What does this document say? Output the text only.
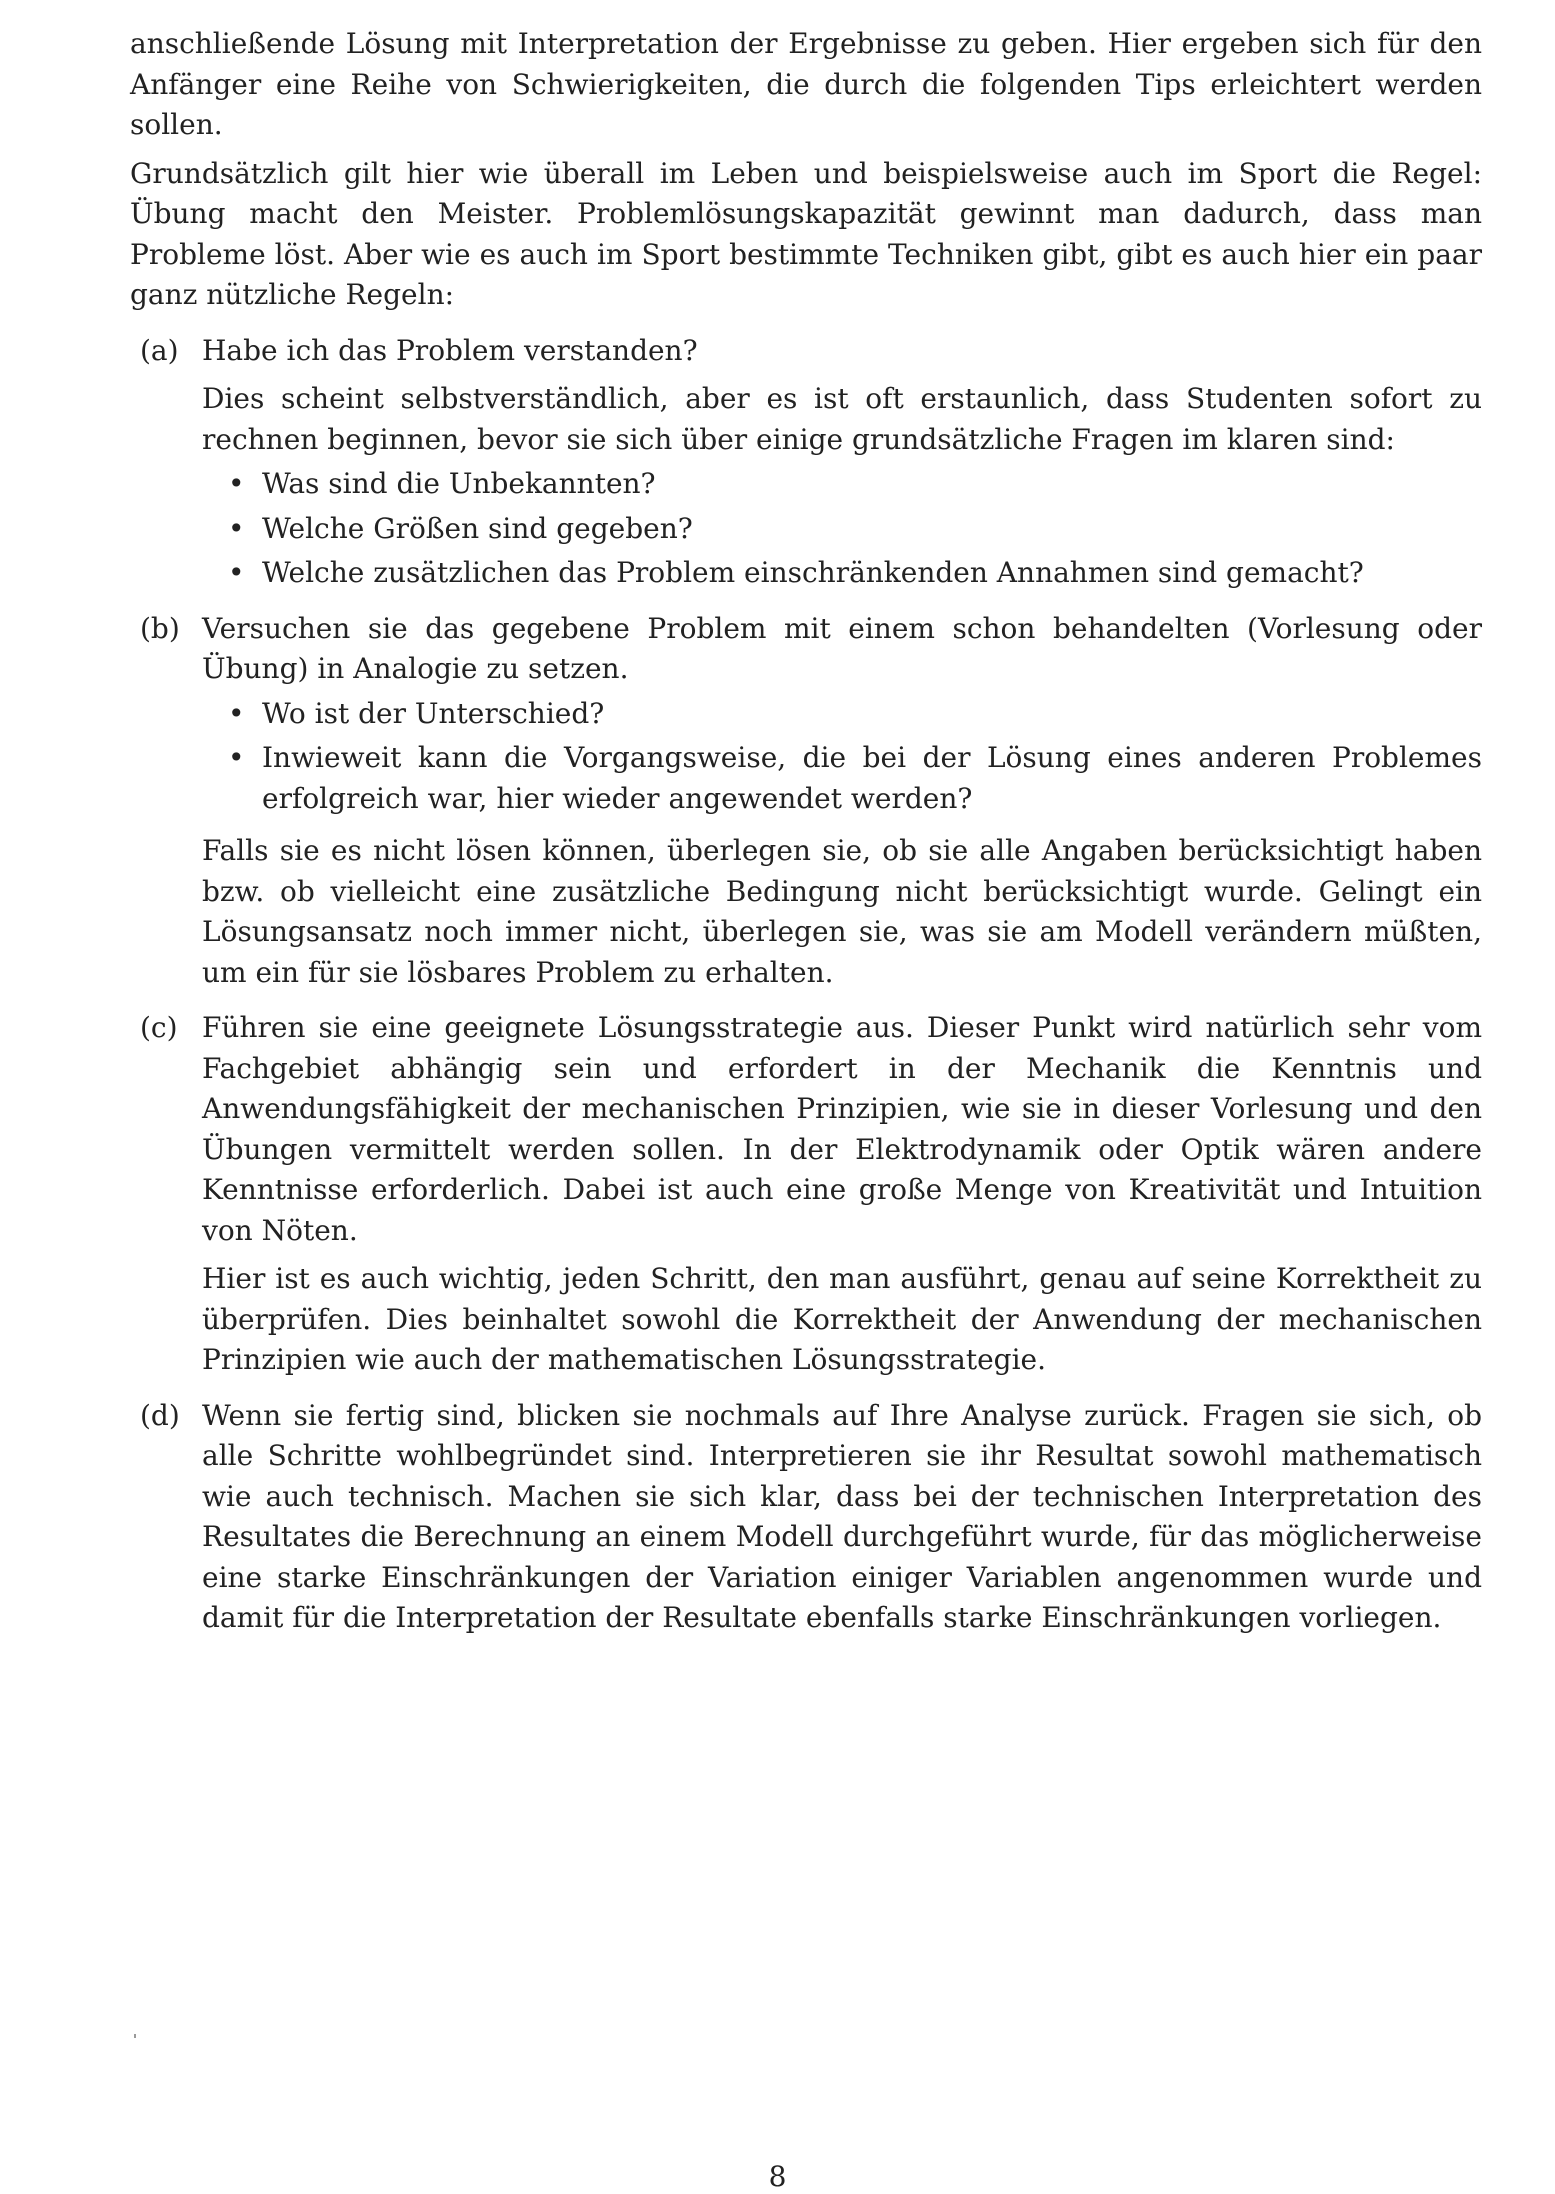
anschließende Lösung mit Interpretation der Ergebnisse zu geben. Hier ergeben sich für den Anfänger eine Reihe von Schwierigkeiten, die durch die folgenden Tips erleichtert werden sollen.

Grundsätzlich gilt hier wie überall im Leben und beispielsweise auch im Sport die Regel: Übung macht den Meister. Problemlösungskapazität gewinnt man dadurch, dass man Probleme löst. Aber wie es auch im Sport bestimmte Techniken gibt, gibt es auch hier ein paar ganz nützliche Regeln:

(a) Habe ich das Problem verstanden?

Dies scheint selbstverständlich, aber es ist oft erstaunlich, dass Studenten sofort zu rechnen beginnen, bevor sie sich über einige grundsätzliche Fragen im klaren sind:

• Was sind die Unbekannten?
• Welche Größen sind gegeben?
• Welche zusätzlichen das Problem einschränkenden Annahmen sind gemacht?
(b) Versuchen sie das gegebene Problem mit einem schon behandelten (Vorlesung oder Übung) in Analogie zu setzen.

• Wo ist der Unterschied?
• Inwieweit kann die Vorgangsweise, die bei der Lösung eines anderen Problemes erfolgreich war, hier wieder angewendet werden?

Falls sie es nicht lösen können, überlegen sie, ob sie alle Angaben berücksichtigt haben bzw. ob vielleicht eine zusätzliche Bedingung nicht berücksichtigt wurde. Gelingt ein Lösungsansatz noch immer nicht, überlegen sie, was sie am Modell verändern müßten, um ein für sie lösbares Problem zu erhalten.

(c) Führen sie eine geeignete Lösungsstrategie aus. Dieser Punkt wird natürlich sehr vom Fachgebiet abhängig sein und erfordert in der Mechanik die Kenntnis und Anwendungsfähigkeit der mechanischen Prinzipien, wie sie in dieser Vorlesung und den Übungen vermittelt werden sollen. In der Elektrodynamik oder Optik wären andere Kenntnisse erforderlich. Dabei ist auch eine große Menge von Kreativität und Intuition von Nöten.

Hier ist es auch wichtig, jeden Schritt, den man ausführt, genau auf seine Korrektheit zu überprüfen. Dies beinhaltet sowohl die Korrektheit der Anwendung der mechanischen Prinzipien wie auch der mathematischen Lösungsstrategie.

(d) Wenn sie fertig sind, blicken sie nochmals auf Ihre Analyse zurück. Fragen sie sich, ob alle Schritte wohlbegründet sind. Interpretieren sie ihr Resultat sowohl mathematisch wie auch technisch. Machen sie sich klar, dass bei der technischen Interpretation des Resultates die Berechnung an einem Modell durchgeführt wurde, für das möglicherweise eine starke Einschränkungen der Variation einiger Variablen angenommen wurde und damit für die Interpretation der Resultate ebenfalls starke Einschränkungen vorliegen.

8
